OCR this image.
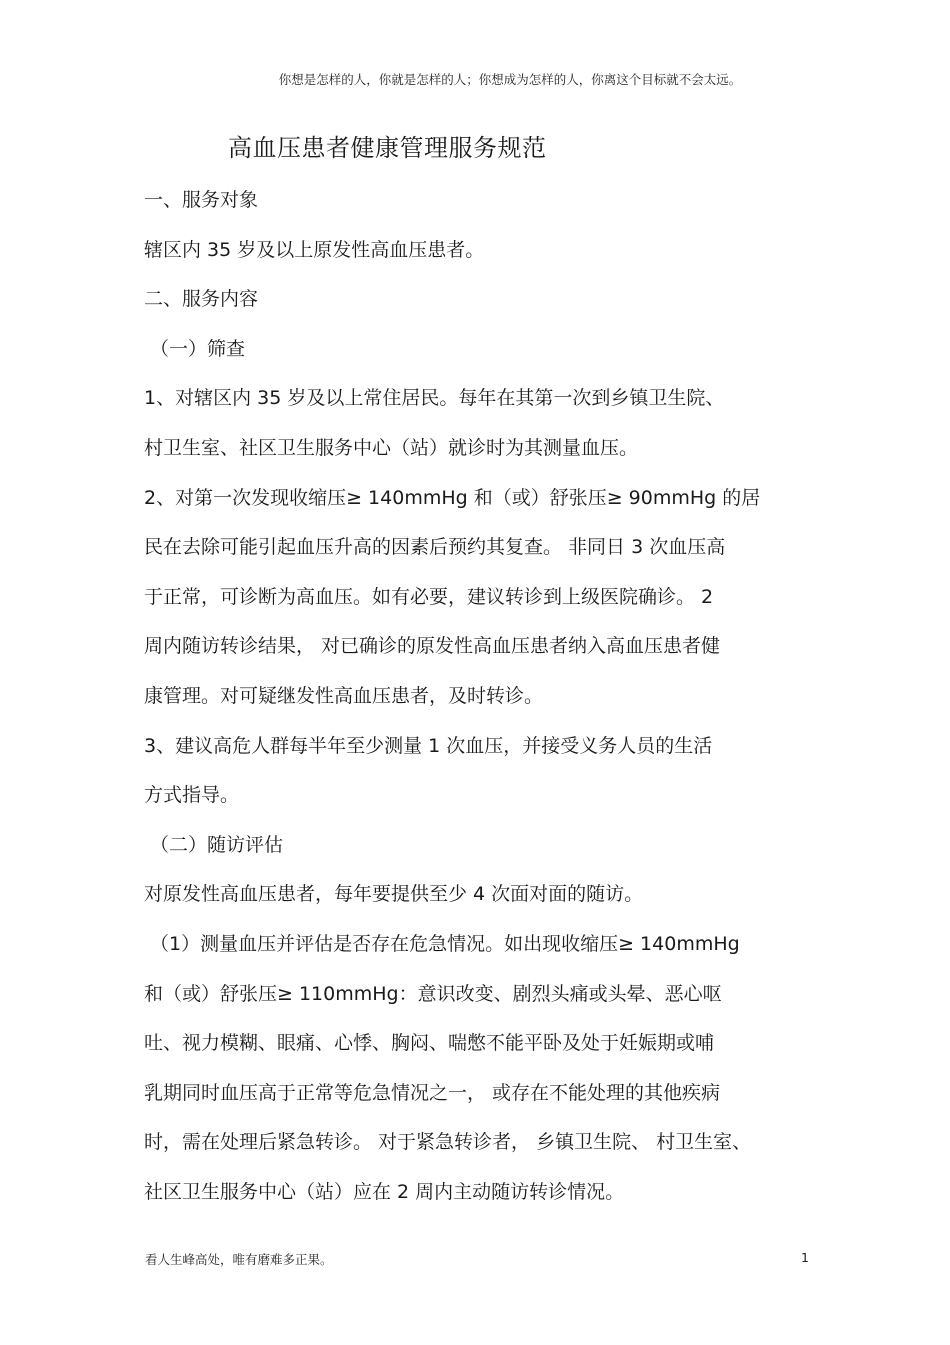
你想是怎样的人，你就是怎样的人；你想成为怎样的人，你离这个目标就不会太远。
高血压患者健康管理服务规范
一、服务对象
辖区内 35 岁及以上原发性高血压患者。
二、服务内容
（一）筛查
1、对辖区内 35 岁及以上常住居民。每年在其第一次到乡镇卫生院、
村卫生室、社区卫生服务中心（站）就诊时为其测量血压。
2、对第一次发现收缩压≥ 140mmHg 和（或）舒张压≥ 90mmHg 的居
民在去除可能引起血压升高的因素后预约其复查。 非同日 3 次血压高
于正常，可诊断为高血压。如有必要，建议转诊到上级医院确诊。 2
周内随访转诊结果， 对已确诊的原发性高血压患者纳入高血压患者健
康管理。对可疑继发性高血压患者，及时转诊。
3、建议高危人群每半年至少测量 1 次血压，并接受义务人员的生活
方式指导。
（二）随访评估
对原发性高血压患者，每年要提供至少 4 次面对面的随访。
（1）测量血压并评估是否存在危急情况。如出现收缩压≥ 140mmHg
和（或）舒张压≥ 110mmHg：意识改变、剧烈头痛或头晕、恶心呕
吐、视力模糊、眼痛、心悸、胸闷、喘憋不能平卧及处于妊娠期或哺
乳期同时血压高于正常等危急情况之一， 或存在不能处理的其他疾病
时，需在处理后紧急转诊。 对于紧急转诊者， 乡镇卫生院、 村卫生室、
社区卫生服务中心（站）应在 2 周内主动随访转诊情况。
看人生峰高处，唯有磨难多正果。	1
